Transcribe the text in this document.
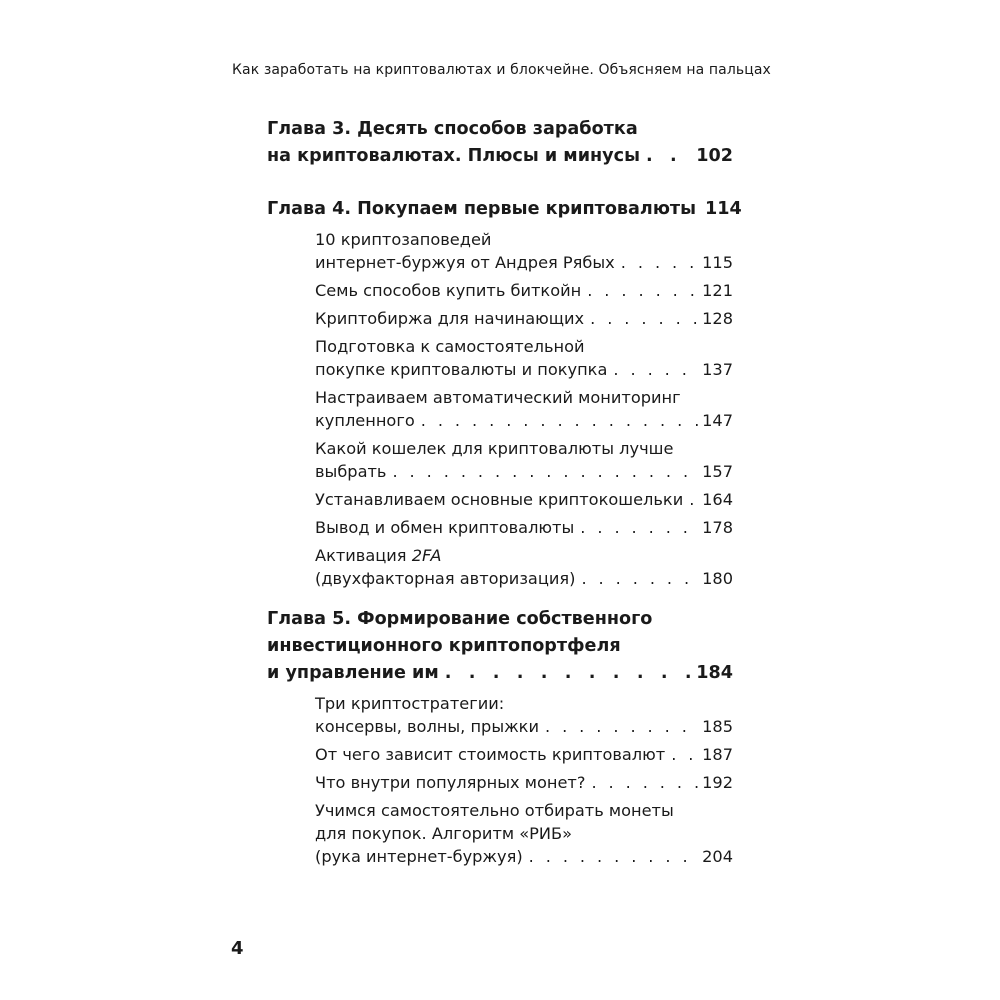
Как заработать на криптовалютах и блокчейне. Объясняем на пальцах
Глава 3. Десять способов заработка
на криптовалютах. Плюсы и минусы . . .	102
Глава 4. Покупаем первые криптовалюты 114
10 криптозаповедей
интернет-буржуя от Андрея Рябых . . .	115
Семь способов купить биткойн . . .	121
Криптобиржа для начинающих . . .	128
Подготовка к самостоятельной
покупке криптовалюты и покупка . . .	137
Настраиваем автоматический мониторинг
купленного . . .	147
Какой кошелек для криптовалюты лучше
выбрать . . .	157
Устанавливаем основные криптокошельки . . . 164
Вывод и обмен криптовалюты . . .	178
Активация 2FA
(двухфакторная авторизация) . . .	180
Глава 5. Формирование собственного
инвестиционного криптопортфеля
и управление им . . .	184
Три криптостратегии:
консервы, волны, прыжки . . .	185
От чего зависит стоимость криптовалют . . . 187
Что внутри популярных монет? . . .	192
Учимся самостоятельно отбирать монеты
для покупок. Алгоритм «РИБ»
(рука интернет-буржуя) . . .	204
4
